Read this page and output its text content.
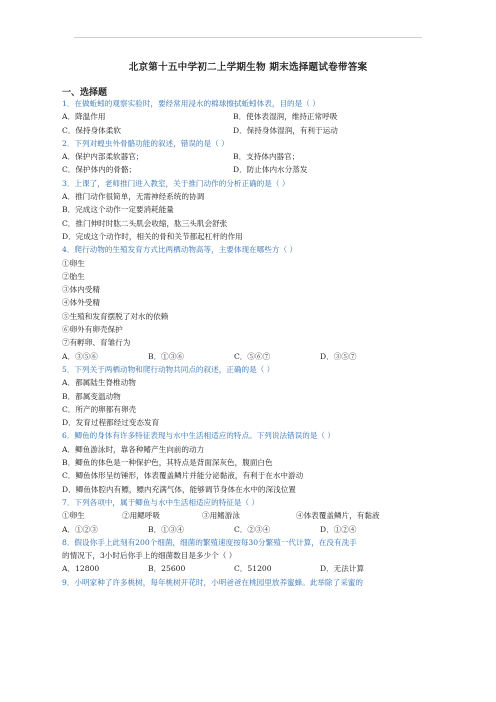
北京第十五中学初二上学期生物 期末选择题试卷带答案
一、选择题
1．在做蚯蚓的观察实验时，要经常用浸水的棉球擦拭蚯蚓体表，目的是（ ）
A．降温作用	B．使体表湿润，维持正常呼吸
C．保持身体柔软	D．保持身体湿润，有利于运动
2．下列对蝗虫外骨骼功能的叙述，错误的是（ ）
A．保护内部柔软器官；	B．支持体内器官；
C．保护体内的骨骼；	D．防止体内水分蒸发
3．上课了，老师推门进入教室，关于推门动作的分析正确的是（ ）
A．推门动作很简单，无需神经系统的协调
B．完成这个动作一定要消耗能量
C．推门伸时时肱二头肌会收缩，肱三头肌会舒张
D．完成这个动作时，相关的骨和关节都起杠杆的作用
4．爬行动物的生殖发育方式比两栖动物高等，主要体现在哪些方（ ）
①卵生
②胎生
③体内受精
④体外受精
⑤生殖和发育摆脱了对水的依赖
⑥卵外有卵壳保护
⑦有孵卵、育雏行为
A．③⑤⑥	B．①③⑥	C．⑤⑥⑦	D．③⑤⑦
5．下列关于两栖动物和爬行动物共同点的叙述，正确的是（ ）
A．都属陆生脊椎动物
B．都属变温动物
C．所产的卵都有卵壳
D．发育过程都经过变态发育
6．鲫鱼的身体有许多特征表现与水中生活相适应的特点。下列说法错误的是（ ）
A．鲫鱼游泳时，靠各种鳍产生向前的动力
B．鲫鱼的体色是一种保护色，其特点是背面深灰色，腹面白色
C．鲫鱼体形呈纺锤形，体表覆盖鳞片并能分泌黏液，有利于在水中游动
D．鲫鱼体腔内有鳔，鳔内充满气体，能够调节身体在水中的深浅位置
7．下列各项中，属于鲫鱼与水中生活相适应的特征是（ ）
①卵生	②用鳃呼吸	③用鳍游泳	④体表覆盖鳞片，有黏液
A．①②③	B．①③④	C．②③④	D．①②④
8．假设你手上此刻有200个细菌，细菌的繁殖速度按每30分繁殖一代计算，在没有洗手
的情况下，3小时后你手上的细菌数目是多少个（ ）
A．12800	B．25600	C．51200	D．无法计算
9．小明家种了许多桃树，每年桃树开花时，小明爸爸在桃园里放养蜜蜂。此举除了采蜜的
